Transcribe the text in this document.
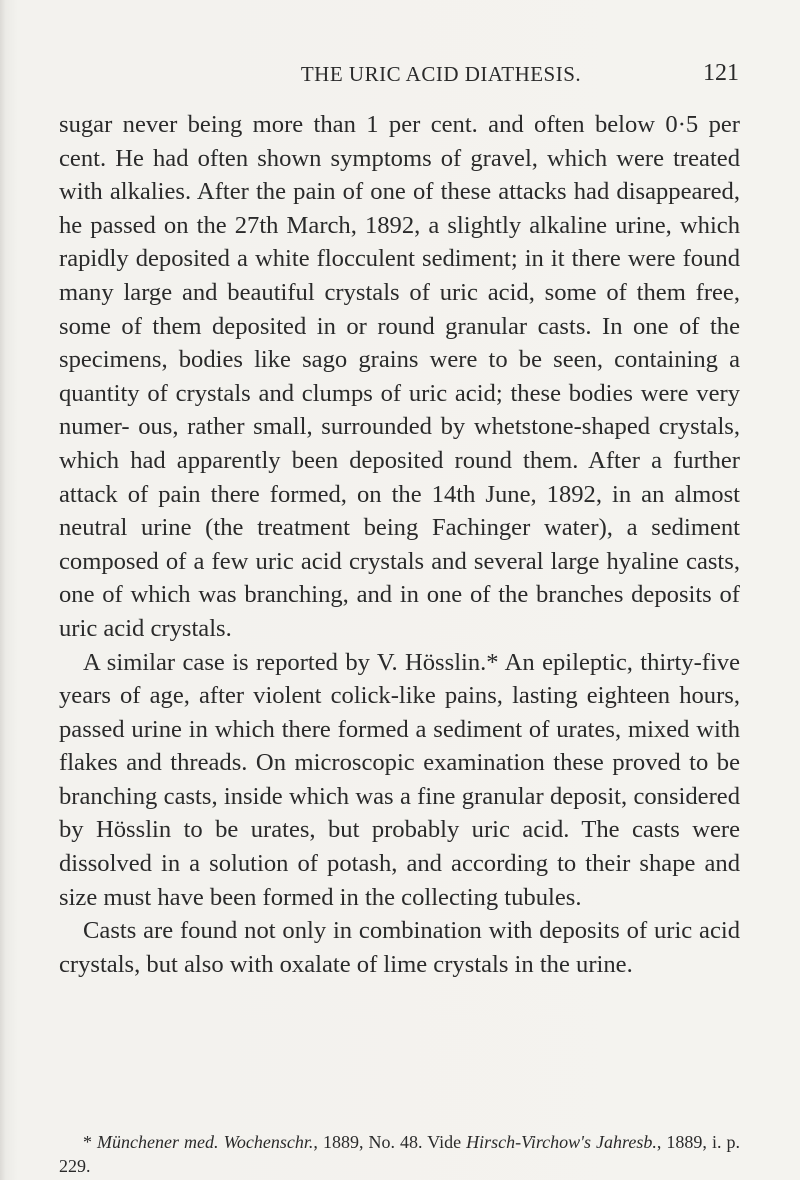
THE URIC ACID DIATHESIS.	121

sugar never being more than 1 per cent. and often below 0·5 per cent. He had often shown symptoms of gravel, which were treated with alkalies. After the pain of one of these attacks had disappeared, he passed on the 27th March, 1892, a slightly alkaline urine, which rapidly deposited a white flocculent sediment; in it there were found many large and beautiful crystals of uric acid, some of them free, some of them deposited in or round granular casts. In one of the specimens, bodies like sago grains were to be seen, containing a quantity of crystals and clumps of uric acid; these bodies were very numer- ous, rather small, surrounded by whetstone-shaped crystals, which had apparently been deposited round them. After a further attack of pain there formed, on the 14th June, 1892, in an almost neutral urine (the treatment being Fachinger water), a sediment composed of a few uric acid crystals and several large hyaline casts, one of which was branching, and in one of the branches deposits of uric acid crystals.

A similar case is reported by V. Hösslin.* An epileptic, thirty-five years of age, after violent colick-like pains, lasting eighteen hours, passed urine in which there formed a sediment of urates, mixed with flakes and threads. On microscopic examination these proved to be branching casts, inside which was a fine granular deposit, considered by Hösslin to be urates, but probably uric acid. The casts were dissolved in a solution of potash, and according to their shape and size must have been formed in the collecting tubules.

Casts are found not only in combination with deposits of uric acid crystals, but also with oxalate of lime crystals in the urine.

* Münchener med. Wochenschr., 1889, No. 48. Vide Hirsch-Virchow's Jahresb., 1889, i. p. 229.
